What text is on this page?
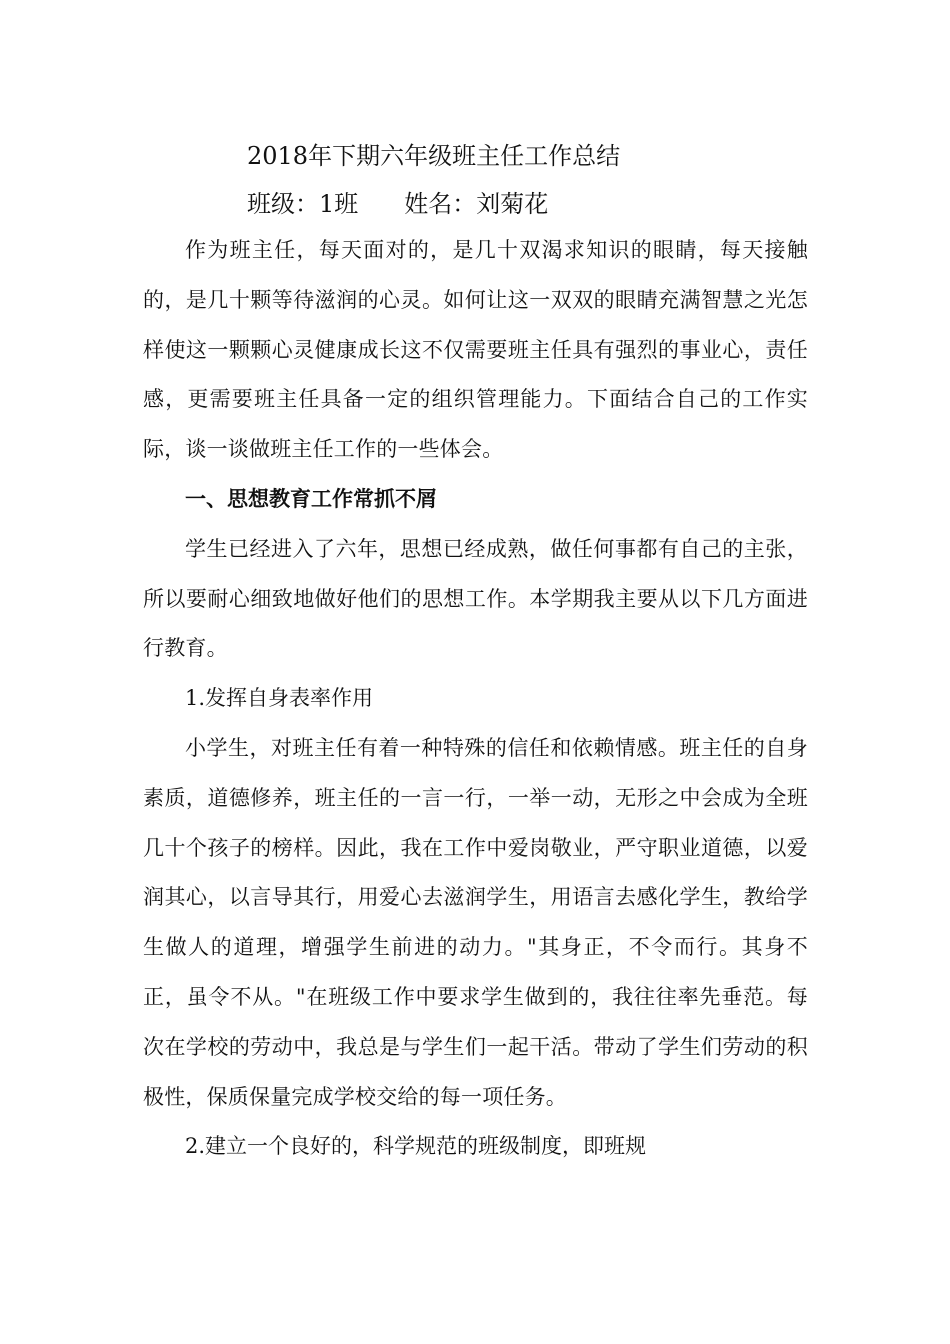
2018年下期六年级班主任工作总结
班级：1班 姓名：刘菊花

作为班主任，每天面对的，是几十双渴求知识的眼睛，每天接触的，是几十颗等待滋润的心灵。如何让这一双双的眼睛充满智慧之光怎样使这一颗颗心灵健康成长这不仅需要班主任具有强烈的事业心，责任感，更需要班主任具备一定的组织管理能力。下面结合自己的工作实际，谈一谈做班主任工作的一些体会。

一、思想教育工作常抓不屑

学生已经进入了六年，思想已经成熟，做任何事都有自己的主张，所以要耐心细致地做好他们的思想工作。本学期我主要从以下几方面进行教育。

1.发挥自身表率作用

小学生，对班主任有着一种特殊的信任和依赖情感。班主任的自身素质，道德修养，班主任的一言一行，一举一动，无形之中会成为全班几十个孩子的榜样。因此，我在工作中爱岗敬业，严守职业道德，以爱润其心，以言导其行，用爱心去滋润学生，用语言去感化学生，教给学生做人的道理，增强学生前进的动力。"其身正，不令而行。其身不正，虽令不从。"在班级工作中要求学生做到的，我往往率先垂范。每次在学校的劳动中，我总是与学生们一起干活。带动了学生们劳动的积极性，保质保量完成学校交给的每一项任务。

2.建立一个良好的，科学规范的班级制度，即班规
